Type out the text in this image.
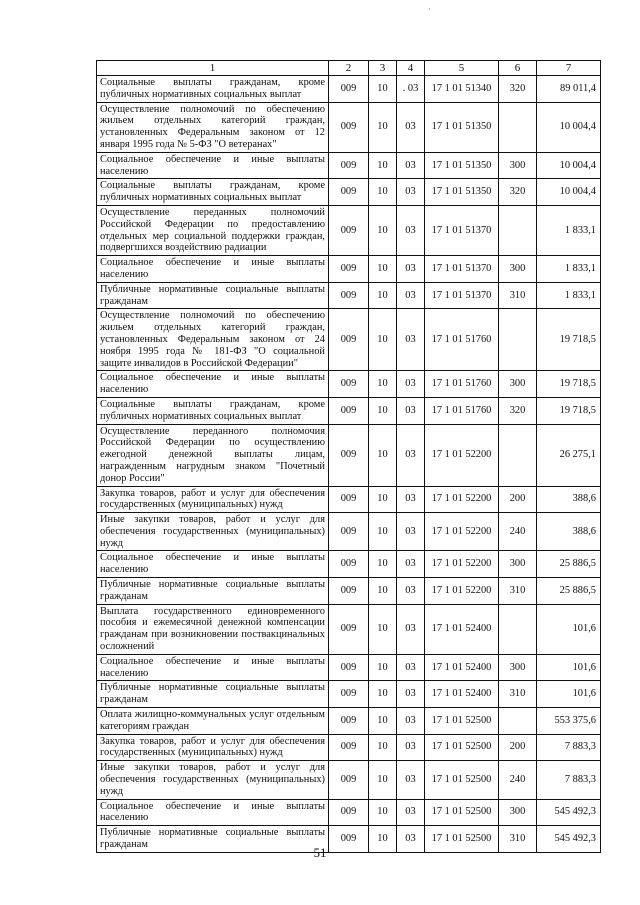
·
1	2	3	4	5	6	7
Социальные выплаты гражданам, кроме публичных нормативных социальных выплат	009	10	. 03	17 1 01 51340	320	89 011,4
Осуществление полномочий по обеспечению жильем отдельных категорий граждан, установленных Федеральным законом от 12 января 1995 года № 5-ФЗ "О ветеранах"	009	10	03	17 1 01 51350		10 004,4
Социальное обеспечение и иные выплаты населению	009	10	03	17 1 01 51350	300	10 004,4
Социальные выплаты гражданам, кроме публичных нормативных социальных выплат	009	10	03	17 1 01 51350	320	10 004,4
Осуществление переданных полномочий Российской Федерации по предоставлению отдельных мер социальной поддержки граждан, подвергшихся воздействию радиации	009	10	03	17 1 01 51370		1 833,1
Социальное обеспечение и иные выплаты населению	009	10	03	17 1 01 51370	300	1 833,1
Публичные нормативные социальные выплаты гражданам	009	10	03	17 1 01 51370	310	1 833,1
Осуществление полномочий по обеспечению жильем отдельных категорий граждан, установленных Федеральным законом от 24 ноября 1995 года № 181-ФЗ "О социальной защите инвалидов в Российской Федерации"	009	10	03	17 1 01 51760		19 718,5
Социальное обеспечение и иные выплаты населению	009	10	03	17 1 01 51760	300	19 718,5
Социальные выплаты гражданам, кроме публичных нормативных социальных выплат	009	10	03	17 1 01 51760	320	19 718,5
Осуществление переданного полномочия Российской Федерации по осуществлению ежегодной денежной выплаты лицам, награжденным нагрудным знаком "Почетный донор России"	009	10	03	17 1 01 52200		26 275,1
Закупка товаров, работ и услуг для обеспечения государственных (муниципальных) нужд	009	10	03	17 1 01 52200	200	388,6
Иные закупки товаров, работ и услуг для обеспечения государственных (муниципальных) нужд	009	10	03	17 1 01 52200	240	388,6
Социальное обеспечение и иные выплаты населению	009	10	03	17 1 01 52200	300	25 886,5
Публичные нормативные социальные выплаты гражданам	009	10	03	17 1 01 52200	310	25 886,5
Выплата государственного единовременного пособия и ежемесячной денежной компенсации гражданам при возникновении поствакцинальных осложнений	009	10	03	17 1 01 52400		101,6
Социальное обеспечение и иные выплаты населению	009	10	03	17 1 01 52400	300	101,6
Публичные нормативные социальные выплаты гражданам	009	10	03	17 1 01 52400	310	101,6
Оплата жилищно-коммунальных услуг отдельным категориям граждан	009	10	03	17 1 01 52500		553 375,6
Закупка товаров, работ и услуг для обеспечения государственных (муниципальных) нужд	009	10	03	17 1 01 52500	200	7 883,3
Иные закупки товаров, работ и услуг для обеспечения государственных (муниципальных) нужд	009	10	03	17 1 01 52500	240	7 883,3
Социальное обеспечение и иные выплаты населению	009	10	03	17 1 01 52500	300	545 492,3
Публичные нормативные социальные выплаты гражданам	009	10	03	17 1 01 52500	310	545 492,3
51
